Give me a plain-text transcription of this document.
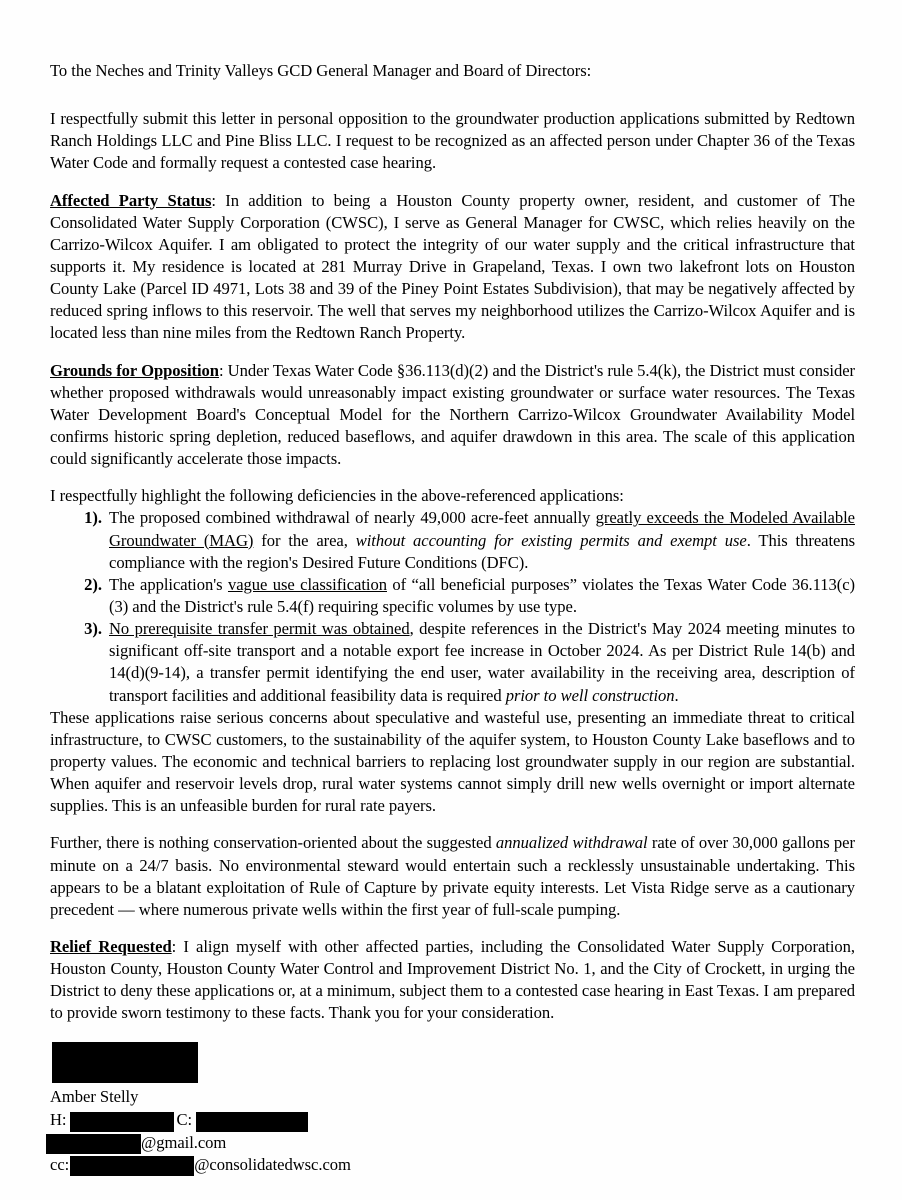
To the Neches and Trinity Valleys GCD General Manager and Board of Directors:

I respectfully submit this letter in personal opposition to the groundwater production applications submitted by Redtown Ranch Holdings LLC and Pine Bliss LLC. I request to be recognized as an affected person under Chapter 36 of the Texas Water Code and formally request a contested case hearing.

Affected Party Status: In addition to being a Houston County property owner, resident, and customer of The Consolidated Water Supply Corporation (CWSC), I serve as General Manager for CWSC, which relies heavily on the Carrizo-Wilcox Aquifer. I am obligated to protect the integrity of our water supply and the critical infrastructure that supports it. My residence is located at 281 Murray Drive in Grapeland, Texas. I own two lakefront lots on Houston County Lake (Parcel ID 4971, Lots 38 and 39 of the Piney Point Estates Subdivision), that may be negatively affected by reduced spring inflows to this reservoir. The well that serves my neighborhood utilizes the Carrizo-Wilcox Aquifer and is located less than nine miles from the Redtown Ranch Property.

Grounds for Opposition: Under Texas Water Code §36.113(d)(2) and the District's rule 5.4(k), the District must consider whether proposed withdrawals would unreasonably impact existing groundwater or surface water resources. The Texas Water Development Board's Conceptual Model for the Northern Carrizo-Wilcox Groundwater Availability Model confirms historic spring depletion, reduced baseflows, and aquifer drawdown in this area. The scale of this application could significantly accelerate those impacts.

I respectfully highlight the following deficiencies in the above-referenced applications:

The proposed combined withdrawal of nearly 49,000 acre-feet annually greatly exceeds the Modeled Available Groundwater (MAG) for the area, without accounting for existing permits and exempt use. This threatens compliance with the region's Desired Future Conditions (DFC).
The application's vague use classification of “all beneficial purposes” violates the Texas Water Code 36.113(c)(3) and the District's rule 5.4(f) requiring specific volumes by use type.
No prerequisite transfer permit was obtained, despite references in the District's May 2024 meeting minutes to significant off-site transport and a notable export fee increase in October 2024. As per District Rule 14(b) and 14(d)(9-14), a transfer permit identifying the end user, water availability in the receiving area, description of transport facilities and additional feasibility data is required prior to well construction.

These applications raise serious concerns about speculative and wasteful use, presenting an immediate threat to critical infrastructure, to CWSC customers, to the sustainability of the aquifer system, to Houston County Lake baseflows and to property values. The economic and technical barriers to replacing lost groundwater supply in our region are substantial. When aquifer and reservoir levels drop, rural water systems cannot simply drill new wells overnight or import alternate supplies. This is an unfeasible burden for rural rate payers.

Further, there is nothing conservation-oriented about the suggested annualized withdrawal rate of over 30,000 gallons per minute on a 24/7 basis. No environmental steward would entertain such a recklessly unsustainable undertaking. This appears to be a blatant exploitation of Rule of Capture by private equity interests. Let Vista Ridge serve as a cautionary precedent — where numerous private wells within the first year of full-scale pumping.

Relief Requested: I align myself with other affected parties, including the Consolidated Water Supply Corporation, Houston County, Houston County Water Control and Improvement District No. 1, and the City of Crockett, in urging the District to deny these applications or, at a minimum, subject them to a contested case hearing in East Texas. I am prepared to provide sworn testimony to these facts. Thank you for your consideration.

Amber Stelly
H:	C:
@gmail.com
cc:	@consolidatedwsc.com
